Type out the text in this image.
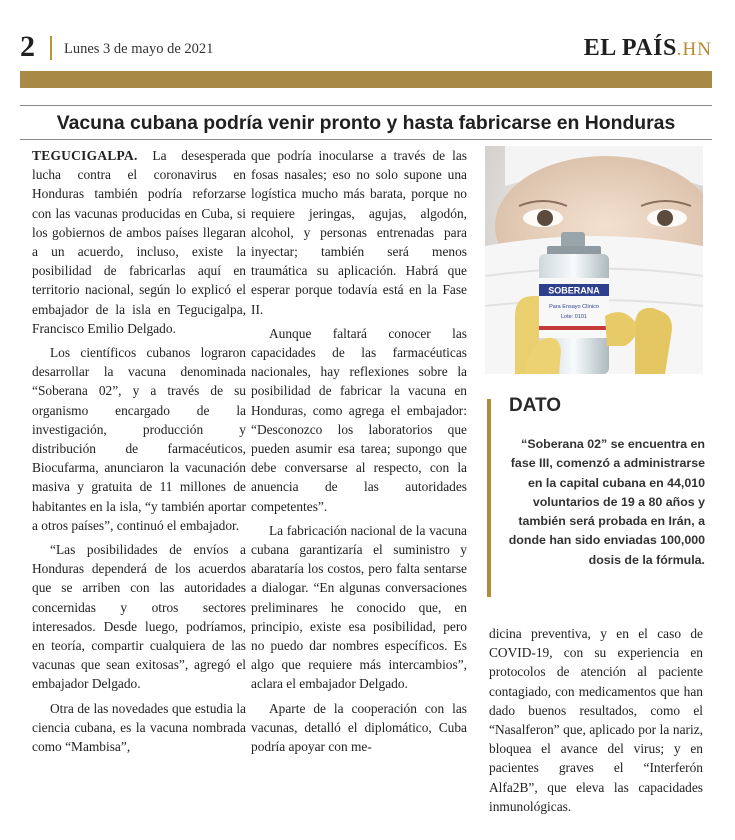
2 Lunes 3 de mayo de 2021	EL PAÍS.HN
Vacuna cubana podría venir pronto y hasta fabricarse en Honduras

TEGUCIGALPA. La desesperada lucha contra el coronavirus en Honduras también podría reforzarse con las vacunas producidas en Cuba, si los gobiernos de ambos países llegaran a un acuerdo, incluso, existe la posibilidad de fabricarlas aquí en territorio nacional, según lo explicó el embajador de la isla en Tegucigalpa, Francisco Emilio Delgado.

Los científicos cubanos lograron desarrollar la vacuna denominada “Soberana 02”, y a través de su organismo encargado de la investigación, producción y distribución de farmacéuticos, Biocufarma, anunciaron la vacunación masiva y gratuita de 11 millones de habitantes en la isla, “y también aportar a otros países”, continuó el embajador.

“Las posibilidades de envíos a Honduras dependerá de los acuerdos que se arriben con las autoridades concernidas y otros sectores interesados. Desde luego, podríamos, en teoría, compartir cualquiera de las vacunas que sean exitosas”, agregó el embajador Delgado.

Otra de las novedades que estudia la ciencia cubana, es la vacuna nombrada como “Mambisa”,

que podría inocularse a través de las fosas nasales; eso no solo supone una logística mucho más barata, porque no requiere jeringas, agujas, algodón, alcohol, y personas entrenadas para inyectar; también será menos traumática su aplicación. Habrá que esperar porque todavía está en la Fase II.

Aunque faltará conocer las capacidades de las farmacéuticas nacionales, hay reflexiones sobre la posibilidad de fabricar la vacuna en Honduras, como agrega el embajador: “Desconozco los laboratorios que pueden asumir esa tarea; supongo que debe conversarse al respecto, con la anuencia de las autoridades competentes”.

La fabricación nacional de la vacuna cubana garantizaría el suministro y abarataría los costos, pero falta sentarse a dialogar. “En algunas conversaciones preliminares he conocido que, en principio, existe esa posibilidad, pero no puedo dar nombres específicos. Es algo que requiere más intercambios”, aclara el embajador Delgado.

Aparte de la cooperación con las vacunas, detalló el diplomático, Cuba podría apoyar con me-

SOBERANA
Para Ensayo Clínico
Lote: 0101
DATO
“Soberana 02” se encuentra en fase III, comenzó a administrarse en la capital cubana en 44,010 voluntarios de 19 a 80 años y también será probada en Irán, a donde han sido enviadas 100,000 dosis de la fórmula.

dicina preventiva, y en el caso de COVID-19, con su experiencia en protocolos de atención al paciente contagiado, con medicamentos que han dado buenos resultados, como el “Nasalferon” que, aplicado por la nariz, bloquea el avance del virus; y en pacientes graves el “Interferón Alfa2B”, que eleva las capacidades inmunológicas.
